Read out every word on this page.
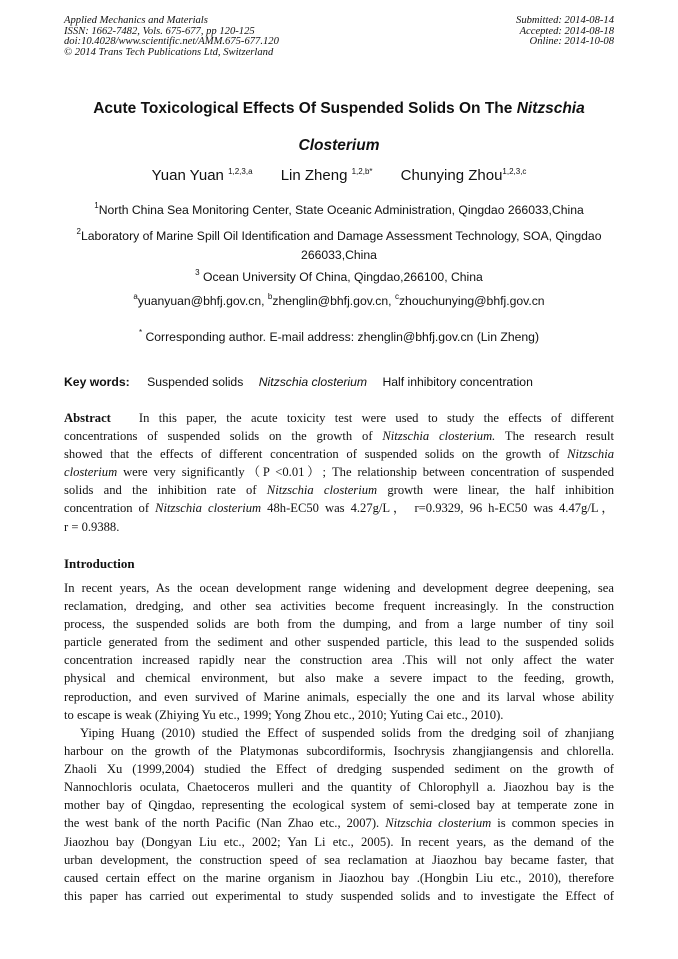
Applied Mechanics and Materials
ISSN: 1662-7482, Vols. 675-677, pp 120-125
doi:10.4028/www.scientific.net/AMM.675-677.120
© 2014 Trans Tech Publications Ltd, Switzerland
Submitted: 2014-08-14
Accepted: 2014-08-18
Online: 2014-10-08
Acute Toxicological Effects Of Suspended Solids On The Nitzschia
Closterium
Yuan Yuan $^{1,2,3,a}$ Lin Zheng $^{1,2,b*}$ Chunying Zhou$^{1,2,3,c}$
$^1$North China Sea Monitoring Center, State Oceanic Administration, Qingdao 266033,China
$^2$Laboratory of Marine Spill Oil Identification and Damage Assessment Technology, SOA, Qingdao
266033,China
$^3$ Ocean University Of China, Qingdao,266100, China
$^a$yuanyuan@bhfj.gov.cn, $^b$zhenglin@bhfj.gov.cn, $^c$zhouchunying@bhfj.gov.cn
* Corresponding author. E-mail address: zhenglin@bhfj.gov.cn (Lin Zheng)
Key words: Suspended solids Nitzschia closterium Half inhibitory concentration
Abstract In this paper, the acute toxicity test were used to study the effects of different
concentrations of suspended solids on the growth of Nitzschia closterium. The research result
showed that the effects of different concentration of suspended solids on the growth of Nitzschia
closterium were very significantly（P <0.01）; The relationship between concentration of suspended
solids and the inhibition rate of Nitzschia closterium growth were linear, the half inhibition
concentration of Nitzschia closterium 48h-EC50 was 4.27g/L， r=0.9329, 96 h-EC50 was 4.47g/L，
r = 0.9388.
Introduction
In recent years, As the ocean development range widening and development degree deepening, sea
reclamation, dredging, and other sea activities become frequent increasingly. In the construction
process, the suspended solids are both from the dumping, and from a large number of tiny soil
particle generated from the sediment and other suspended particle, this lead to the suspended solids
concentration increased rapidly near the construction area .This will not only affect the water
physical and chemical environment, but also make a severe impact to the feeding, growth,
reproduction, and even survived of Marine animals, especially the one and its larval whose ability
to escape is weak (Zhiying Yu etc., 1999; Yong Zhou etc., 2010; Yuting Cai etc., 2010).
Yiping Huang (2010) studied the Effect of suspended solids from the dredging soil of zhanjiang
harbour on the growth of the Platymonas subcordiformis, Isochrysis zhangjiangensis and chlorella.
Zhaoli Xu (1999,2004) studied the Effect of dredging suspended sediment on the growth of
Nannochloris oculata, Chaetoceros mulleri and the quantity of Chlorophyll a. Jiaozhou bay is the
mother bay of Qingdao, representing the ecological system of semi-closed bay at temperate zone in
the west bank of the north Pacific (Nan Zhao etc., 2007). Nitzschia closterium is common species in
Jiaozhou bay (Dongyan Liu etc., 2002; Yan Li etc., 2005). In recent years, as the demand of the
urban development, the construction speed of sea reclamation at Jiaozhou bay became faster, that
caused certain effect on the marine organism in Jiaozhou bay .(Hongbin Liu etc., 2010), therefore
this paper has carried out experimental to study suspended solids and to investigate the Effect of
